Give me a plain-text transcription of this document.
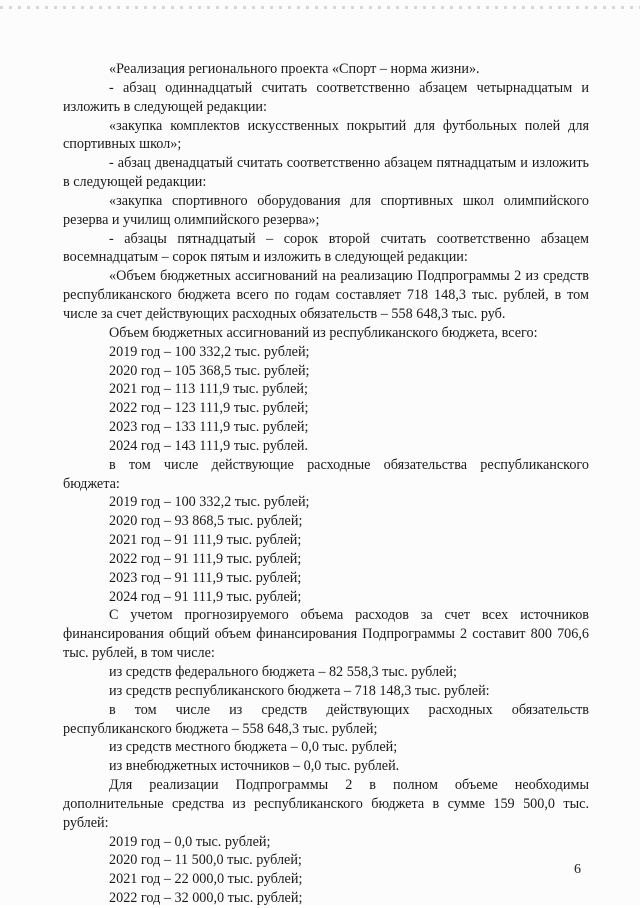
«Реализация регионального проекта «Спорт – норма жизни».

- абзац одиннадцатый считать соответственно абзацем четырнадцатым и изложить в следующей редакции:

«закупка комплектов искусственных покрытий для футбольных полей для спортивных школ»;

- абзац двенадцатый считать соответственно абзацем пятнадцатым и изложить в следующей редакции:

«закупка спортивного оборудования для спортивных школ олимпийского резерва и училищ олимпийского резерва»;

- абзацы пятнадцатый – сорок второй считать соответственно абзацем восемнадцатым – сорок пятым и изложить в следующей редакции:

«Объем бюджетных ассигнований на реализацию Подпрограммы 2 из средств республиканского бюджета всего по годам составляет 718 148,3 тыс. рублей, в том числе за счет действующих расходных обязательств – 558 648,3 тыс. руб.

Объем бюджетных ассигнований из республиканского бюджета, всего:

2019 год – 100 332,2 тыс. рублей;

2020 год – 105 368,5 тыс. рублей;

2021 год – 113 111,9 тыс. рублей;

2022 год – 123 111,9 тыс. рублей;

2023 год – 133 111,9 тыс. рублей;

2024 год – 143 111,9 тыс. рублей.

в том числе действующие расходные обязательства республиканского бюджета:

2019 год – 100 332,2 тыс. рублей;

2020 год – 93 868,5 тыс. рублей;

2021 год – 91 111,9 тыс. рублей;

2022 год – 91 111,9 тыс. рублей;

2023 год – 91 111,9 тыс. рублей;

2024 год – 91 111,9 тыс. рублей;

С учетом прогнозируемого объема расходов за счет всех источников финансирования общий объем финансирования Подпрограммы 2 составит 800 706,6 тыс. рублей, в том числе:

из средств федерального бюджета – 82 558,3 тыс. рублей;

из средств республиканского бюджета – 718 148,3 тыс. рублей:

в том числе из средств действующих расходных обязательств республиканского бюджета – 558 648,3 тыс. рублей;

из средств местного бюджета – 0,0 тыс. рублей;

из внебюджетных источников – 0,0 тыс. рублей.

Для реализации Подпрограммы 2 в полном объеме необходимы дополнительные средства из республиканского бюджета в сумме 159 500,0 тыс. рублей:

2019 год – 0,0 тыс. рублей;

2020 год – 11 500,0 тыс. рублей;

2021 год – 22 000,0 тыс. рублей;

2022 год – 32 000,0 тыс. рублей;

6
